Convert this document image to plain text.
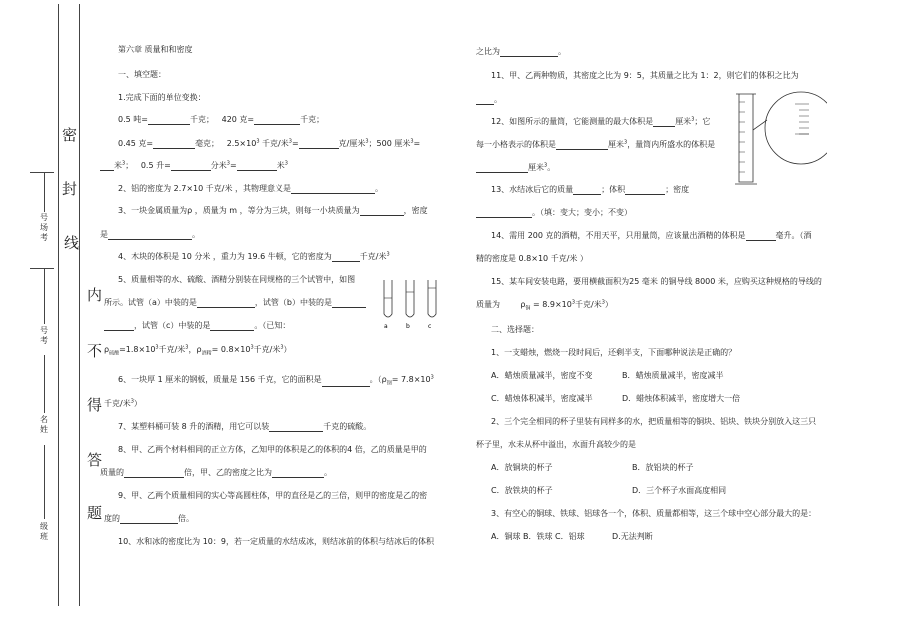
密
封
线
号场考
号考
名姓
级班
内
不
得
答
题
第六章 质量和和密度
一、填空题：
1.完成下面的单位变换：
0.5 吨=	千克； 420 克=	千克；
0.45 克=	毫克； $2.5\times 10^3$ 千克/米$^3$=	克/厘米$^3$；500 厘米$^3$=
米$^3$； 0.5 升=	分米$^3$=	米$^3$
2、铝的密度为 2.7×10 千克/米 ，其物理意义是	。
3、一块金属质量为ρ ，质量为 m ，等分为三块，则每一小块质量为	，密度
是	。
4、木块的体积是 10 分米 ，重力为 19.6 牛顿，它的密度为	千克/米$^3$
5、质量相等的水、硫酸、酒精分别装在同规格的三个试管中，如图
所示。试管（a）中装的是	，试管（b）中装的是
，试管（c）中装的是	。（已知：
$\rho_{硫酸}=1.8\times 10^3$千克/米$^3$，$\rho_{酒精}= 0.8\times 10^3$千克/米$^3$）
a	b	c
6、一块厚 1 厘米的钢板，质量是 156 千克，它的面积是	。（$\rho_钢= 7.8\times 10^3$
千克/米$^3$）
7、某塑料桶可装 8 升的酒精，用它可以装	千克的硫酸。
8、甲、乙两个材料相同的正立方体，乙知甲的体积是乙的体积的4 倍，乙的质量是甲的
质量的	倍，甲、乙的密度之比为	。
9、甲、乙两个质量相同的实心等高圆柱体，甲的直径是乙的三倍，则甲的密度是乙的密
度的	倍。
10、水和冰的密度比为 10：9，若一定质量的水结成冰，则结冰前的体积与结冰后的体积
之比为	。
11、甲、乙两种物质，其密度之比为 9：5，其质量之比为 1：2，则它们的体积之比为
。
12、如图所示的量筒，它能测量的最大体积是	厘米$^3$；它
每一小格表示的体积是	厘米$^3$，量筒内所盛水的体积是
厘米$^3$。
13、水结冰后它的质量	；体积	；密度
。（填：变大；变小；不变）
14、需用 200 克的酒精，不用天平，只用量筒，应该量出酒精的体积是	毫升。（酒
精的密度是 0.8×10 千克/米 ）
15、某车间安装电路，要用横截面积为25 毫米 的铜导线 8000 米，应购买这种规格的导线的
质量为	$\rho_铜 = 8.9\times 10^3$千克/米$^3$）
二、选择题：
1、一支蜡烛，燃烧一段时间后，还剩半支，下面哪种说法是正确的？
A．蜡烛质量减半，密度不变	B．蜡烛质量减半，密度减半
C．蜡烛体积减半，密度减半	D．蜡烛体积减半，密度增大一倍
2、三个完全相同的杯子里装有同样多的水，把质量相等的铜块、铝块、铁块分别放入这三只
杯子里，水未从杯中溢出，水面升高较少的是
A．放铜块的杯子	B．放铝块的杯子
C．放铁块的杯子	D．三个杯子水面高度相同
3、有空心的铜球、铁球、铝球各一个，体积、质量都相等，这三个球中空心部分最大的是：
A．铜球 B．铁球 C．铝球	D.无法判断
